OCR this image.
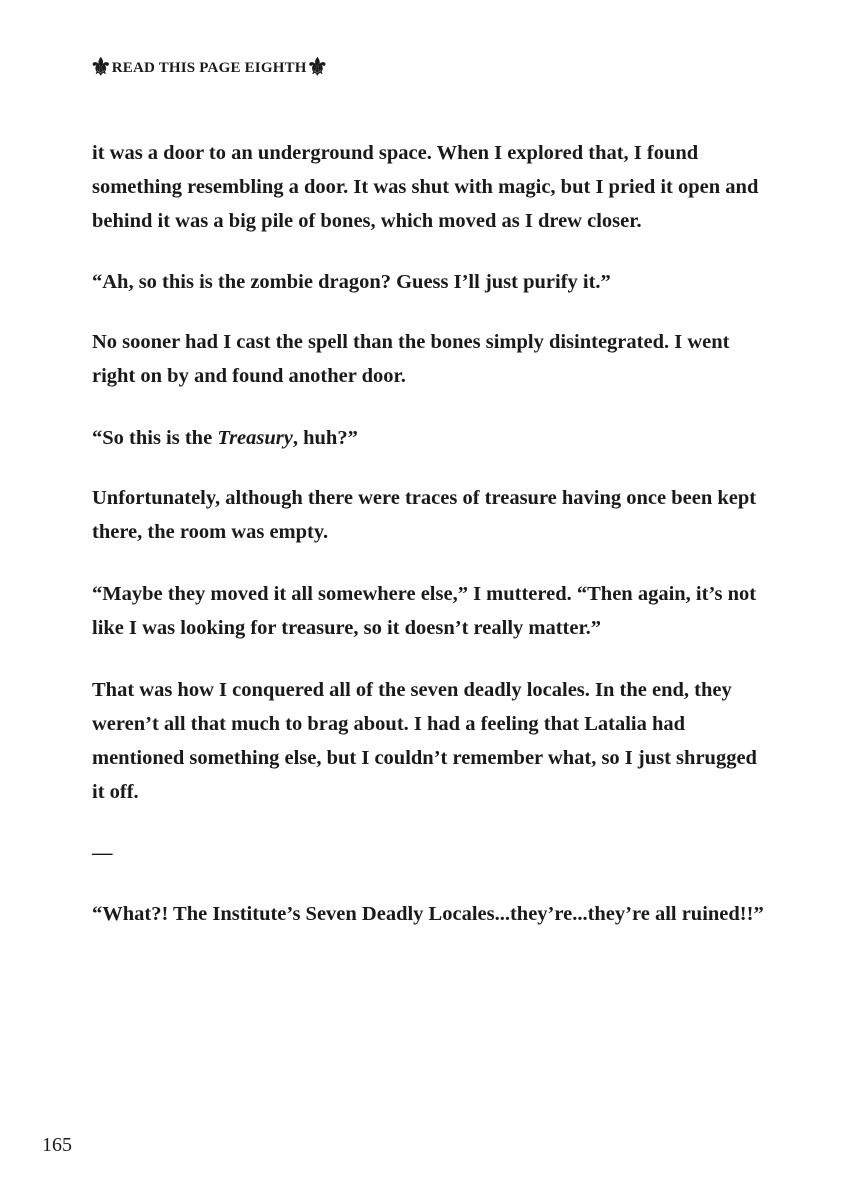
⚜ READ THIS PAGE EIGHTH ⚜

it was a door to an underground space. When I explored that, I found something resembling a door. It was shut with magic, but I pried it open and behind it was a big pile of bones, which moved as I drew closer.

“Ah, so this is the zombie dragon? Guess I’ll just purify it.”

No sooner had I cast the spell than the bones simply disintegrated. I went right on by and found another door.

“So this is the Treasury, huh?”

Unfortunately, although there were traces of treasure having once been kept there, the room was empty.

“Maybe they moved it all somewhere else,” I muttered. “Then again, it’s not like I was looking for treasure, so it doesn’t really matter.”

That was how I conquered all of the seven deadly locales. In the end, they weren’t all that much to brag about. I had a feeling that Latalia had mentioned something else, but I couldn’t remember what, so I just shrugged it off.

—

“What?! The Institute’s Seven Deadly Locales...they’re...they’re all ruined!!”

165
